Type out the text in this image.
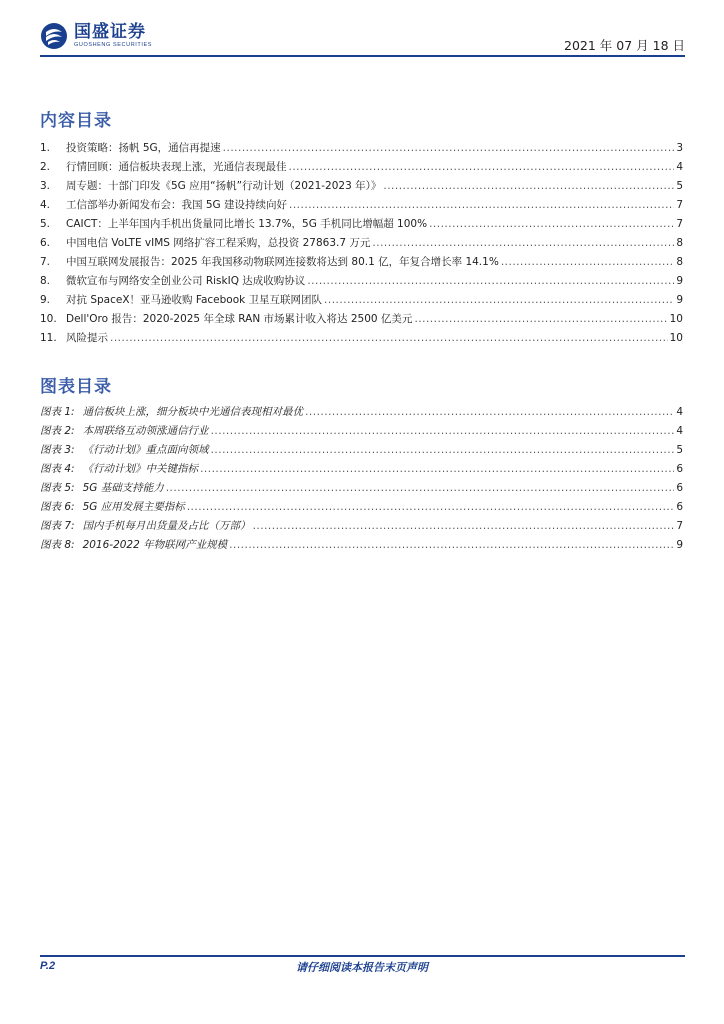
国盛证券
GUOSHENG SECURITIES	2021 年 07 月 18 日
内容目录
1.	投资策略：扬帆 5G，通信再提速 .....	3
2.	行情回顾：通信板块表现上涨，光通信表现最佳 .....	4
3.	周专题：十部门印发《5G 应用“扬帆”行动计划（2021-2023 年）》 .....	5
4.	工信部举办新闻发布会：我国 5G 建设持续向好 .....	7
5.	CAICT：上半年国内手机出货量同比增长 13.7%，5G 手机同比增幅超 100% .....	7
6.	中国电信 VoLTE vIMS 网络扩容工程采购，总投资 27863.7 万元 .....	8
7.	中国互联网发展报告：2025 年我国移动物联网连接数将达到 80.1 亿，年复合增长率 14.1% .....	8
8.	微软宣布与网络安全创业公司 RiskIQ 达成收购协议 .....	9
9.	对抗 SpaceX！亚马逊收购 Facebook 卫星互联网团队 .....	9
10. Dell'Oro 报告：2020-2025 年全球 RAN 市场累计收入将达 2500 亿美元 .....	10
11. 风险提示 .....	10
图表目录
图表 1: 通信板块上涨，细分板块中光通信表现相对最优 .....	4
图表 2: 本周联络互动领涨通信行业 .....	4
图表 3: 《行动计划》重点面向领域 .....	5
图表 4: 《行动计划》中关键指标 .....	6
图表 5: 5G 基础支持能力 .....	6
图表 6: 5G 应用发展主要指标 .....	6
图表 7: 国内手机每月出货量及占比（万部） .....	7
图表 8: 2016-2022 年物联网产业规模 .....	9
P.2	请仔细阅读本报告末页声明
